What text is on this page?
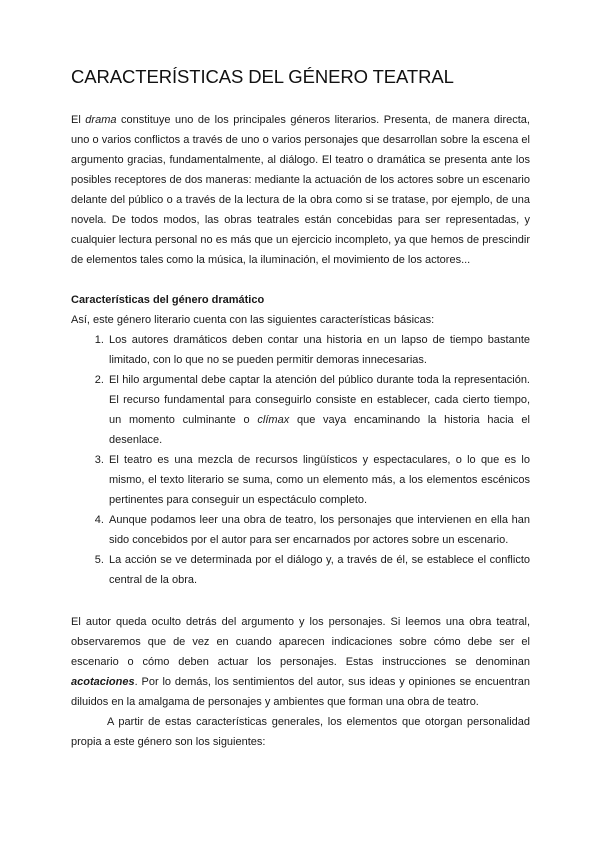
CARACTERÍSTICAS DEL GÉNERO TEATRAL

El drama constituye uno de los principales géneros literarios. Presenta, de manera directa, uno o varios conflictos a través de uno o varios personajes que desarrollan sobre la escena el argumento gracias, fundamentalmente, al diálogo. El teatro o dramática se presenta ante los posibles receptores de dos maneras: mediante la actuación de los actores sobre un escenario delante del público o a través de la lectura de la obra como si se tratase, por ejemplo, de una novela. De todos modos, las obras teatrales están concebidas para ser representadas, y cualquier lectura personal no es más que un ejercicio incompleto, ya que hemos de prescindir de elementos tales como la música, la iluminación, el movimiento de los actores...

Características del género dramático

Así, este género literario cuenta con las siguientes características básicas:

1. Los autores dramáticos deben contar una historia en un lapso de tiempo bastante limitado, con lo que no se pueden permitir demoras innecesarias.
2. El hilo argumental debe captar la atención del público durante toda la representación. El recurso fundamental para conseguirlo consiste en establecer, cada cierto tiempo, un momento culminante o clímax que vaya encaminando la historia hacia el desenlace.
3. El teatro es una mezcla de recursos lingüísticos y espectaculares, o lo que es lo mismo, el texto literario se suma, como un elemento más, a los elementos escénicos pertinentes para conseguir un espectáculo completo.
4. Aunque podamos leer una obra de teatro, los personajes que intervienen en ella han sido concebidos por el autor para ser encarnados por actores sobre un escenario.
5. La acción se ve determinada por el diálogo y, a través de él, se establece el conflicto central de la obra.

El autor queda oculto detrás del argumento y los personajes. Si leemos una obra teatral, observaremos que de vez en cuando aparecen indicaciones sobre cómo debe ser el escenario o cómo deben actuar los personajes. Estas instrucciones se denominan acotaciones. Por lo demás, los sentimientos del autor, sus ideas y opiniones se encuentran diluidos en la amalgama de personajes y ambientes que forman una obra de teatro.

A partir de estas características generales, los elementos que otorgan personalidad propia a este género son los siguientes:
